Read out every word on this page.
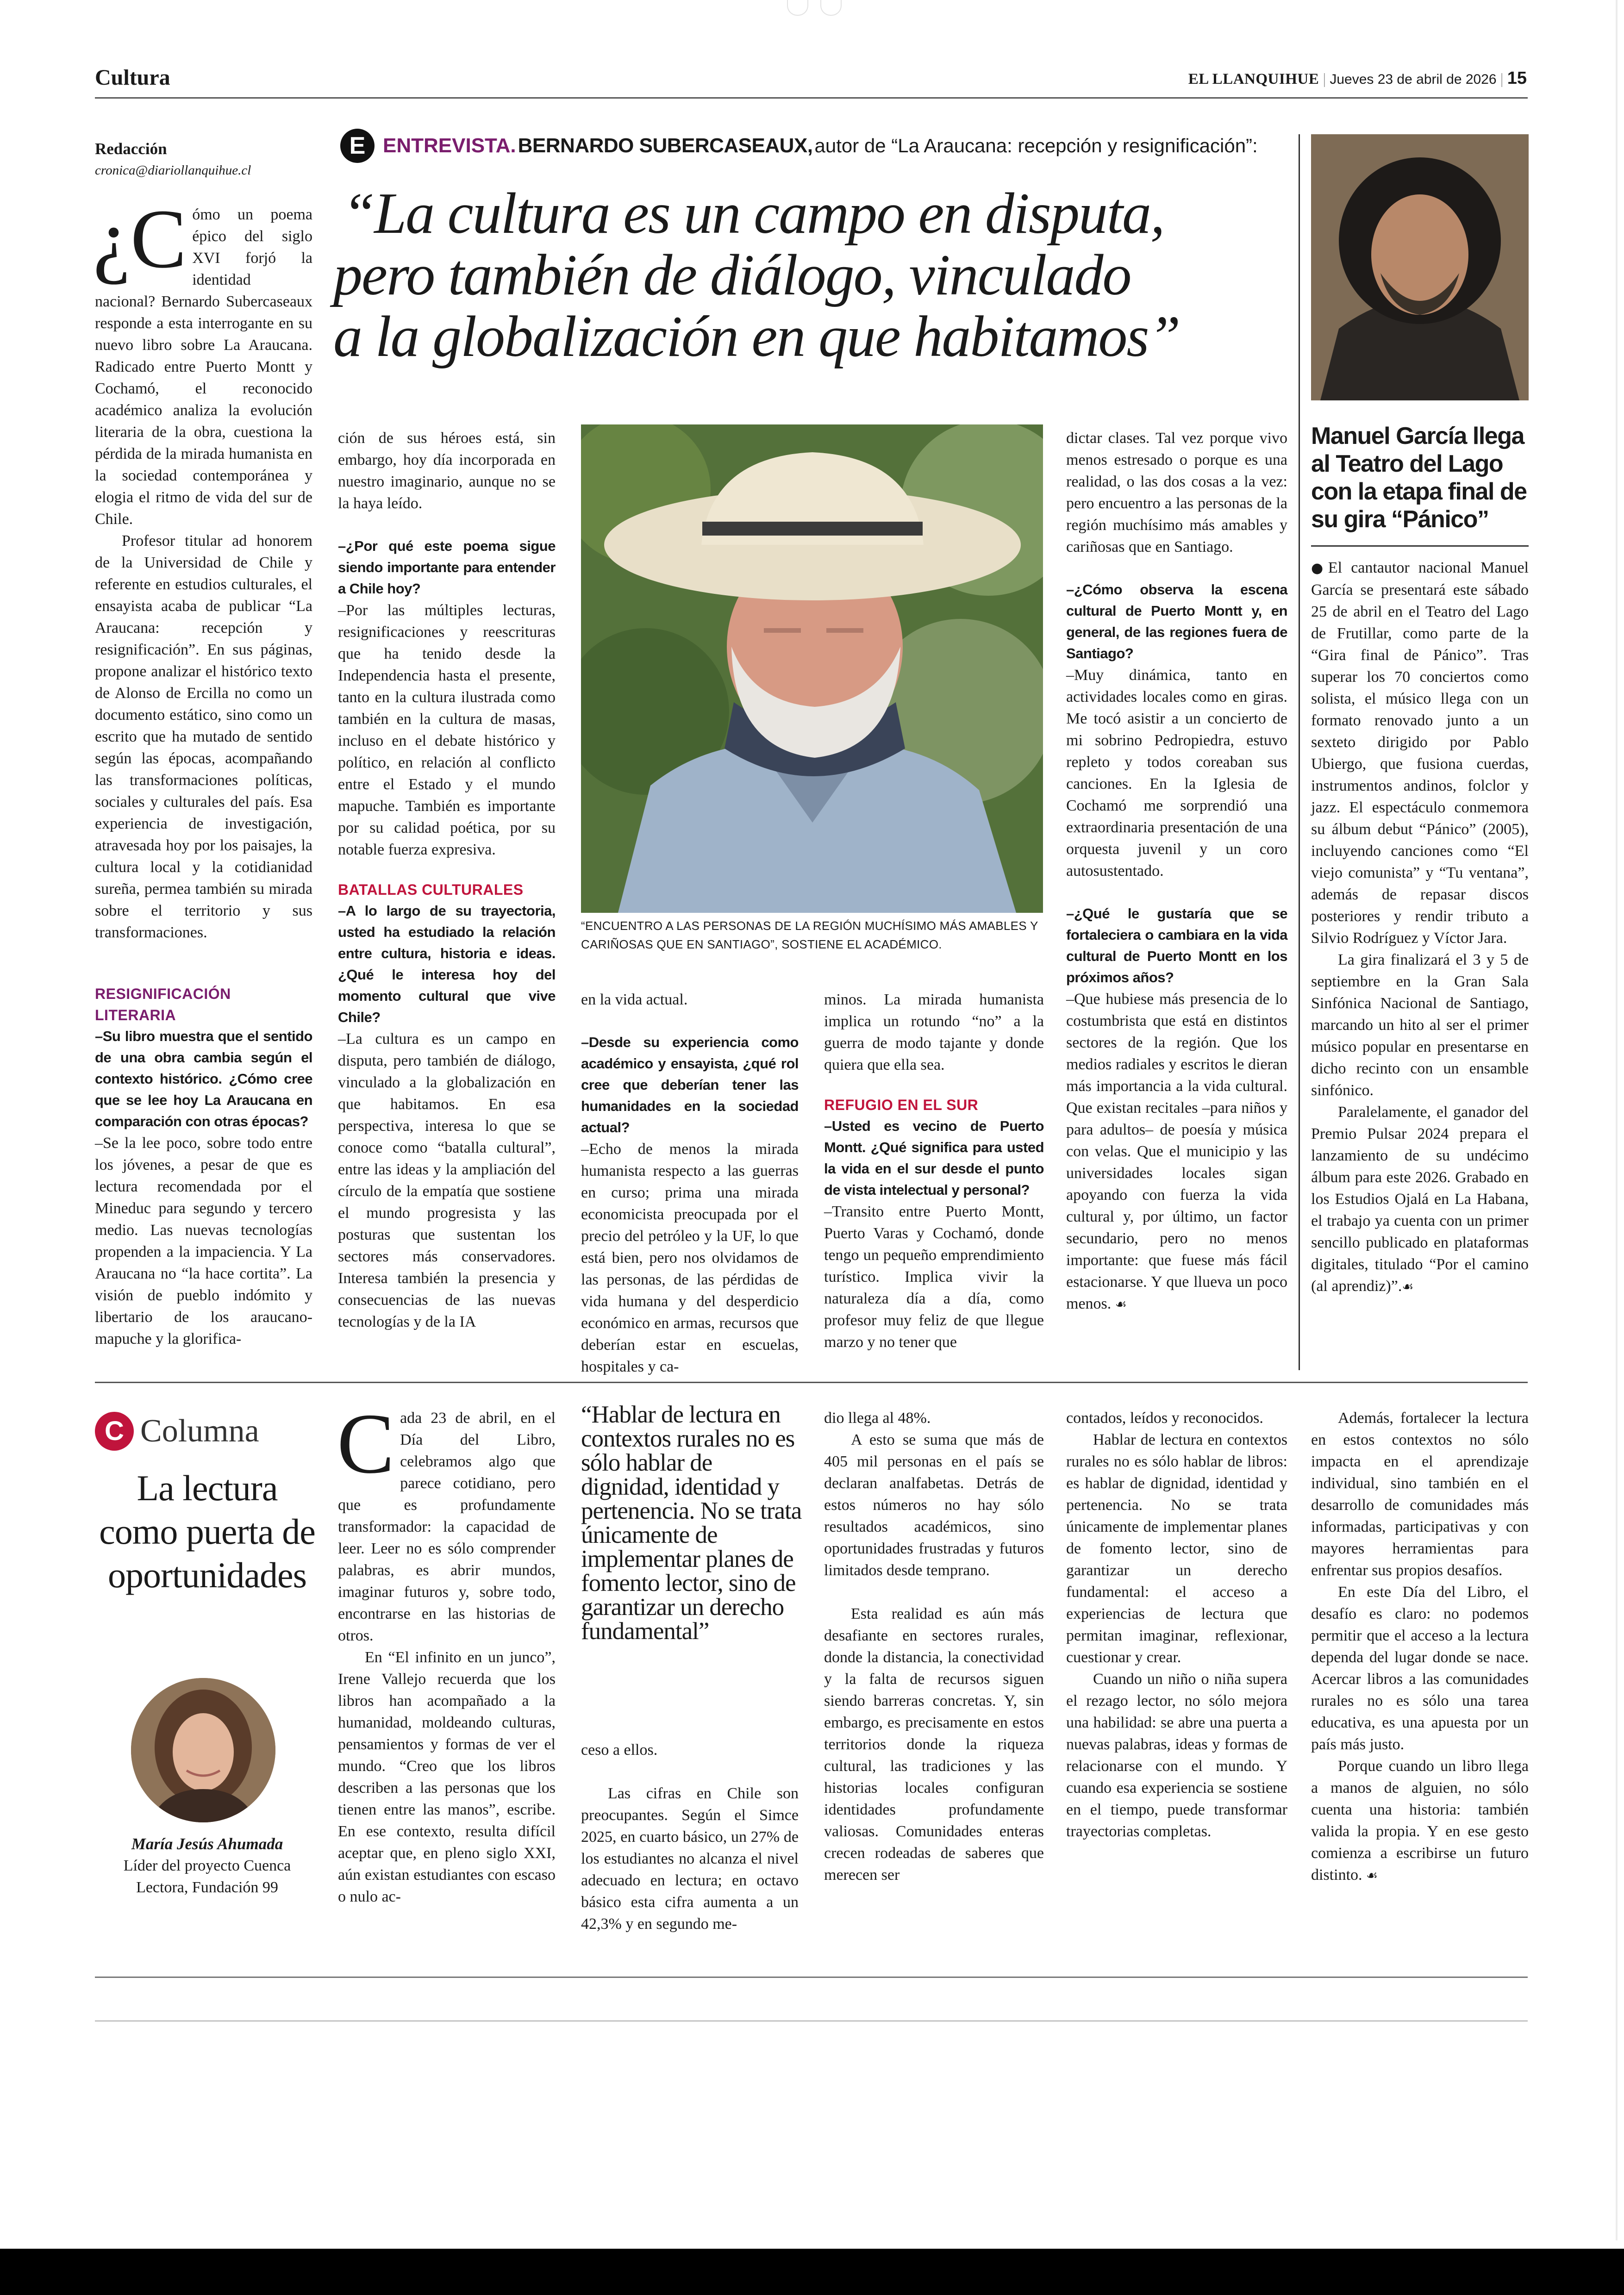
Cultura	EL LLANQUIHUE | Jueves 23 de abril de 2026 | 15
Redacción
cronica@diariollanquihue.cl
E ENTREVISTA. BERNARDO SUBERCASEAUX, autor de “La Araucana: recepción y resignificación”:
“La cultura es un campo en disputa,
pero también de diálogo, vinculado
a la globalización en que habitamos”

¿C ómo un poema épico del siglo XVI forjó la identidad nacional? Bernardo Subercaseaux responde a esta interrogante en su nuevo libro sobre La Araucana. Radicado entre Puerto Montt y Cochamó, el reconocido académico analiza la evolución literaria de la obra, cuestiona la pérdida de la mirada humanista en la sociedad contemporánea y elogia el ritmo de vida del sur de Chile.

Profesor titular ad honorem de la Universidad de Chile y referente en estudios culturales, el ensayista acaba de publicar “La Araucana: recepción y resignificación”. En sus páginas, propone analizar el histórico texto de Alonso de Ercilla no como un documento estático, sino como un escrito que ha mutado de sentido según las épocas, acompañando las transformaciones políticas, sociales y culturales del país. Esa experiencia de investigación, atravesada hoy por los paisajes, la cultura local y la cotidianidad sureña, permea también su mirada sobre el territorio y sus transformaciones.

RESIGNIFICACIÓN LITERARIA

–Su libro muestra que el sentido de una obra cambia según el contexto histórico. ¿Cómo cree que se lee hoy La Araucana en comparación con otras épocas?

–Se la lee poco, sobre todo entre los jóvenes, a pesar de que es lectura recomendada por el Mineduc para segundo y tercero medio. Las nuevas tecnologías propenden a la impaciencia. Y La Araucana no “la hace cortita”. La visión de pueblo indómito y libertario de los araucano-mapuche y la glorifica-

ción de sus héroes está, sin embargo, hoy día incorporada en nuestro imaginario, aunque no se la haya leído.

–¿Por qué este poema sigue siendo importante para entender a Chile hoy?

–Por las múltiples lecturas, resignificaciones y reescrituras que ha tenido desde la Independencia hasta el presente, tanto en la cultura ilustrada como también en la cultura de masas, incluso en el debate histórico y político, en relación al conflicto entre el Estado y el mundo mapuche. También es importante por su calidad poética, por su notable fuerza expresiva.

BATALLAS CULTURALES

–A lo largo de su trayectoria, usted ha estudiado la relación entre cultura, historia e ideas. ¿Qué le interesa hoy del momento cultural que vive Chile?

–La cultura es un campo en disputa, pero también de diálogo, vinculado a la globalización en que habitamos. En esa perspectiva, interesa lo que se conoce como “batalla cultural”, entre las ideas y la ampliación del círculo de la empatía que sostiene el mundo progresista y las posturas que sustentan los sectores más conservadores. Interesa también la presencia y consecuencias de las nuevas tecnologías y de la IA

“ENCUENTRO A LAS PERSONAS DE LA REGIÓN MUCHÍSIMO MÁS AMABLES Y CARIÑOSAS QUE EN SANTIAGO”, SOSTIENE EL ACADÉMICO.

en la vida actual.

–Desde su experiencia como académico y ensayista, ¿qué rol cree que deberían tener las humanidades en la sociedad actual?

–Echo de menos la mirada humanista respecto a las guerras en curso; prima una mirada economicista preocupada por el precio del petróleo y la UF, lo que está bien, pero nos olvidamos de las personas, de las pérdidas de vida humana y del desperdicio económico en armas, recursos que deberían estar en escuelas, hospitales y ca-

minos. La mirada humanista implica un rotundo “no” a la guerra de modo tajante y donde quiera que ella sea.

REFUGIO EN EL SUR

–Usted es vecino de Puerto Montt. ¿Qué significa para usted la vida en el sur desde el punto de vista intelectual y personal?

–Transito entre Puerto Montt, Puerto Varas y Cochamó, donde tengo un pequeño emprendimiento turístico. Implica vivir la naturaleza día a día, como profesor muy feliz de que llegue marzo y no tener que

dictar clases. Tal vez porque vivo menos estresado o porque es una realidad, o las dos cosas a la vez: pero encuentro a las personas de la región muchísimo más amables y cariñosas que en Santiago.

–¿Cómo observa la escena cultural de Puerto Montt y, en general, de las regiones fuera de Santiago?

–Muy dinámica, tanto en actividades locales como en giras. Me tocó asistir a un concierto de mi sobrino Pedropiedra, estuvo repleto y todos coreaban sus canciones. En la Iglesia de Cochamó me sorprendió una extraordinaria presentación de una orquesta juvenil y un coro autosustentado.

–¿Qué le gustaría que se fortaleciera o cambiara en la vida cultural de Puerto Montt en los próximos años?

–Que hubiese más presencia de lo costumbrista que está en distintos sectores de la región. Que los medios radiales y escritos le dieran más importancia a la vida cultural. Que existan recitales –para niños y para adultos– de poesía y música con velas. Que el municipio y las universidades locales sigan apoyando con fuerza la vida cultural y, por último, un factor secundario, pero no menos importante: que fuese más fácil estacionarse. Y que llueva un poco menos. ☙

Manuel García llega al Teatro del Lago con la etapa final de su gira “Pánico”

●El cantautor nacional Manuel García se presentará este sábado 25 de abril en el Teatro del Lago de Frutillar, como parte de la “Gira final de Pánico”. Tras superar los 70 conciertos como solista, el músico llega con un formato renovado junto a un sexteto dirigido por Pablo Ubiergo, que fusiona cuerdas, instrumentos andinos, folclor y jazz. El espectáculo conmemora su álbum debut “Pánico” (2005), incluyendo canciones como “El viejo comunista” y “Tu ventana”, además de repasar discos posteriores y rendir tributo a Silvio Rodríguez y Víctor Jara.

La gira finalizará el 3 y 5 de septiembre en la Gran Sala Sinfónica Nacional de Santiago, marcando un hito al ser el primer músico popular en presentarse en dicho recinto con un ensamble sinfónico.

Paralelamente, el ganador del Premio Pulsar 2024 prepara el lanzamiento de su undécimo álbum para este 2026. Grabado en los Estudios Ojalá en La Habana, el trabajo ya cuenta con un primer sencillo publicado en plataformas digitales, titulado “Por el camino (al aprendiz)”.☙

C Columna
La lectura como puerta de oportunidades
María Jesús Ahumada
Líder del proyecto Cuenca Lectora, Fundación 99

Cada 23 de abril, en el Día del Libro, celebramos algo que parece cotidiano, pero que es profundamente transformador: la capacidad de leer. Leer no es sólo comprender palabras, es abrir mundos, imaginar futuros y, sobre todo, encontrarse en las historias de otros.

En “El infinito en un junco”, Irene Vallejo recuerda que los libros han acompañado a la humanidad, moldeando culturas, pensamientos y formas de ver el mundo. “Creo que los libros describen a las personas que los tienen entre las manos”, escribe. En ese contexto, resulta difícil aceptar que, en pleno siglo XXI, aún existan estudiantes con escaso o nulo ac-

“Hablar de lectura en contextos rurales no es sólo hablar de dignidad, identidad y pertenencia. No se trata únicamente de implementar planes de fomento lector, sino de garantizar un derecho fundamental”

ceso a ellos.

Las cifras en Chile son preocupantes. Según el Simce 2025, en cuarto básico, un 27% de los estudiantes no alcanza el nivel adecuado en lectura; en octavo básico esta cifra aumenta a un 42,3% y en segundo me-

dio llega al 48%.

A esto se suma que más de 405 mil personas en el país se declaran analfabetas. Detrás de estos números no hay sólo resultados académicos, sino oportunidades frustradas y futuros limitados desde temprano.

Esta realidad es aún más desafiante en sectores rurales, donde la distancia, la conectividad y la falta de recursos siguen siendo barreras concretas. Y, sin embargo, es precisamente en estos territorios donde la riqueza cultural, las tradiciones y las historias locales configuran identidades profundamente valiosas. Comunidades enteras crecen rodeadas de saberes que merecen ser

contados, leídos y reconocidos.

Hablar de lectura en contextos rurales no es sólo hablar de libros: es hablar de dignidad, identidad y pertenencia. No se trata únicamente de implementar planes de fomento lector, sino de garantizar un derecho fundamental: el acceso a experiencias de lectura que permitan imaginar, reflexionar, cuestionar y crear.

Cuando un niño o niña supera el rezago lector, no sólo mejora una habilidad: se abre una puerta a nuevas palabras, ideas y formas de relacionarse con el mundo. Y cuando esa experiencia se sostiene en el tiempo, puede transformar trayectorias completas.

Además, fortalecer la lectura en estos contextos no sólo impacta en el aprendizaje individual, sino también en el desarrollo de comunidades más informadas, participativas y con mayores herramientas para enfrentar sus propios desafíos.

En este Día del Libro, el desafío es claro: no podemos permitir que el acceso a la lectura dependa del lugar donde se nace. Acercar libros a las comunidades rurales no es sólo una tarea educativa, es una apuesta por un país más justo.

Porque cuando un libro llega a manos de alguien, no sólo cuenta una historia: también valida la propia. Y en ese gesto comienza a escribirse un futuro distinto. ☙
